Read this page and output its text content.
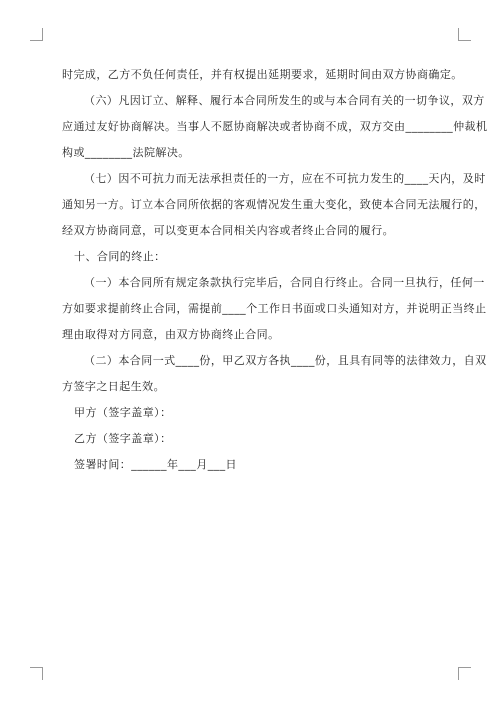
时完成，乙方不负任何责任，并有权提出延期要求，延期时间由双方协商确定。
（六）凡因订立、解释、履行本合同所发生的或与本合同有关的一切争议，双方
应通过友好协商解决。当事人不愿协商解决或者协商不成，双方交由________仲裁机
构或________法院解决。
（七）因不可抗力而无法承担责任的一方，应在不可抗力发生的____天内，及时
通知另一方。订立本合同所依据的客观情况发生重大变化，致使本合同无法履行的，
经双方协商同意，可以变更本合同相关内容或者终止合同的履行。
十、合同的终止：
（一）本合同所有规定条款执行完毕后，合同自行终止。合同一旦执行，任何一
方如要求提前终止合同，需提前____个工作日书面或口头通知对方，并说明正当终止
理由取得对方同意，由双方协商终止合同。
（二）本合同一式____份，甲乙双方各执____份，且具有同等的法律效力，自双
方签字之日起生效。
甲方（签字盖章）：
乙方（签字盖章）：
签署时间：______年___月___日
